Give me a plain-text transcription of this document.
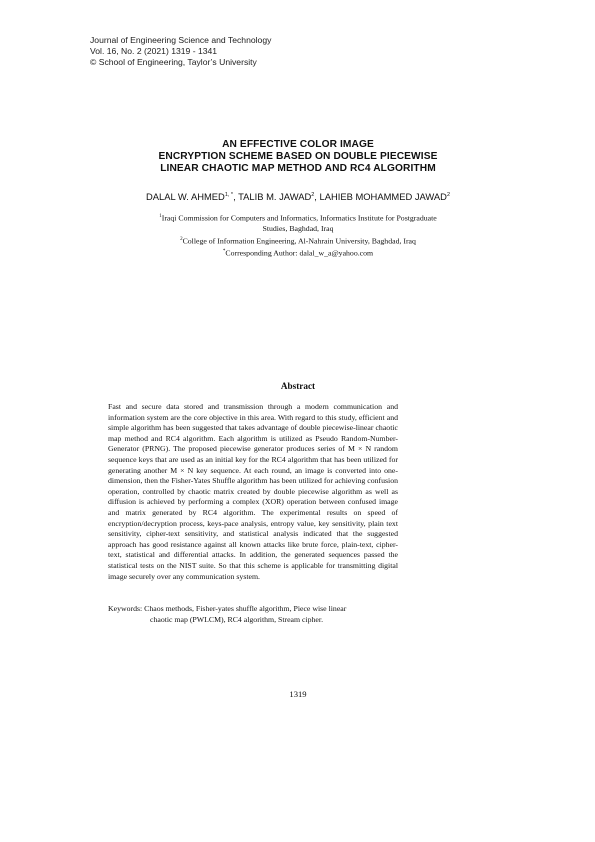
Journal of Engineering Science and Technology
Vol. 16, No. 2 (2021) 1319 - 1341
© School of Engineering, Taylor’s University
AN EFFECTIVE COLOR IMAGE
ENCRYPTION SCHEME BASED ON DOUBLE PIECEWISE
LINEAR CHAOTIC MAP METHOD AND RC4 ALGORITHM
DALAL W. $AHMED^{1, *}$, TALIB M. JAWAD$^2$, LAHIEB MOHAMMED JAWAD$^2$
$^1$Iraqi Commission for Computers and Informatics, Informatics Institute for Postgraduate
Studies, Baghdad, Iraq
$^2$College of Information Engineering, Al-Nahrain University, Baghdad, Iraq
*Corresponding Author: dalal_w_a@yahoo.com
Abstract
Fast and secure data stored and transmission through a modern communication and information system are the core objective in this area. With regard to this study, efficient and simple algorithm has been suggested that takes advantage of double piecewise-linear chaotic map method and RC4 algorithm. Each algorithm is utilized as Pseudo Random-Number-Generator (PRNG). The proposed piecewise generator produces series of M × N random sequence keys that are used as an initial key for the RC4 algorithm that has been utilized for generating another M × N key sequence. At each round, an image is converted into one-dimension, then the Fisher-Yates Shuffle algorithm has been utilized for achieving confusion operation, controlled by chaotic matrix created by double piecewise algorithm as well as diffusion is achieved by performing a complex (XOR) operation between confused image and matrix generated by RC4 algorithm. The experimental results on speed of encryption/decryption process, keys-pace analysis, entropy value, key sensitivity, plain text sensitivity, cipher-text sensitivity, and statistical analysis indicated that the suggested approach has good resistance against all known attacks like brute force, plain-text, cipher-text, statistical and differential attacks. In addition, the generated sequences passed the statistical tests on the NIST suite. So that this scheme is applicable for transmitting digital image securely over any communication system.
Keywords: Chaos methods, Fisher-yates shuffle algorithm, Piece wise linear
chaotic map (PWLCM), RC4 algorithm, Stream cipher.
1319
